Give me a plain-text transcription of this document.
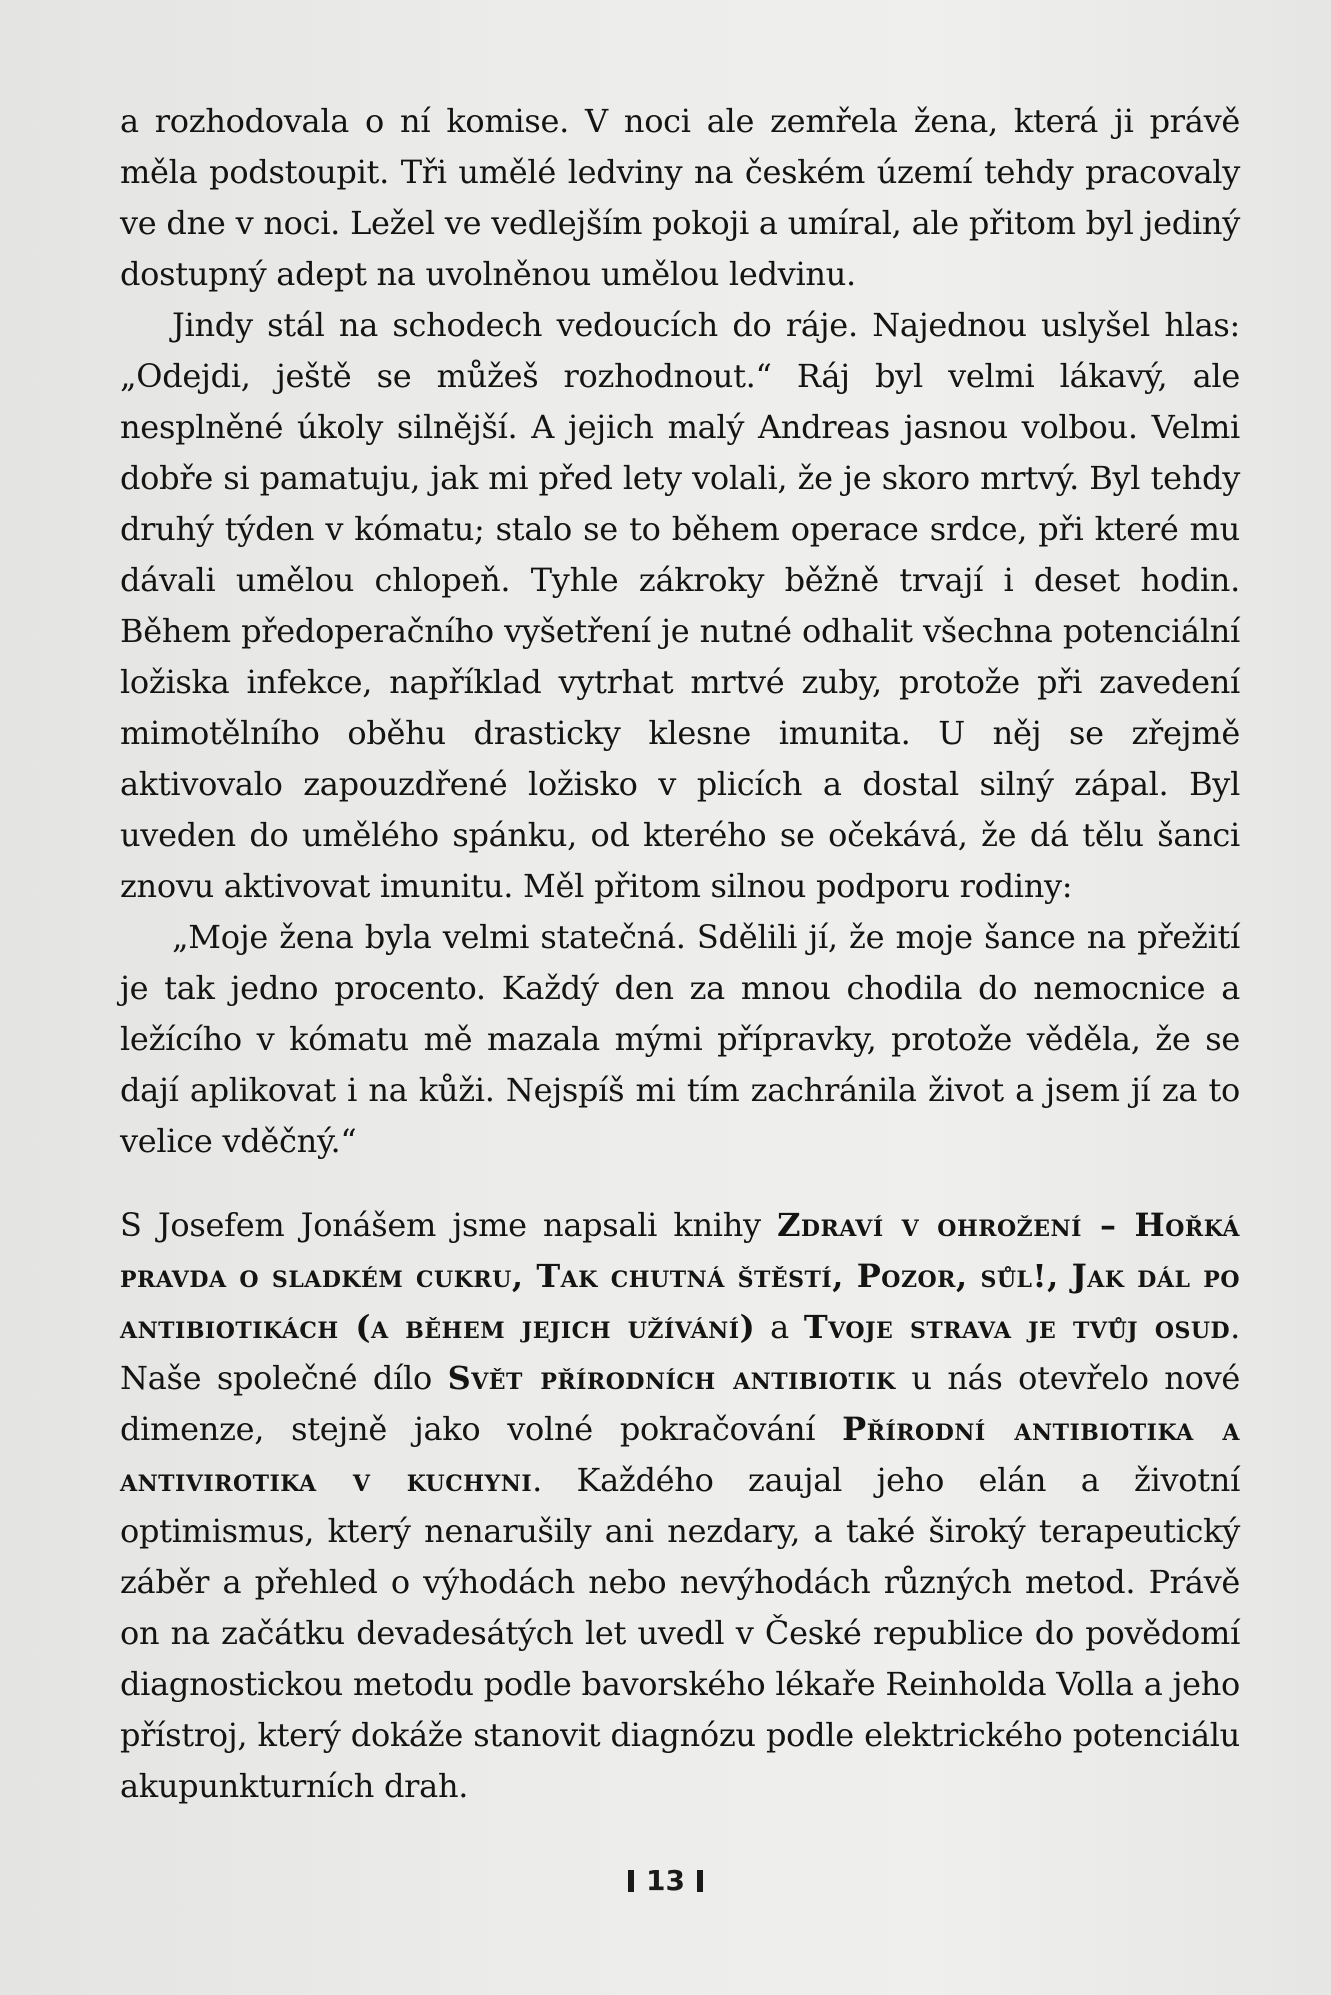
a rozhodovala o ní komise. V noci ale zemřela žena, která ji právě měla podstoupit. Tři umělé ledviny na českém území tehdy pracovaly ve dne v noci. Ležel ve vedlejším pokoji a umíral, ale přitom byl jediný dostupný adept na uvolněnou umělou ledvinu.

Jindy stál na schodech vedoucích do ráje. Najednou uslyšel hlas: „Odejdi, ještě se můžeš rozhodnout.“ Ráj byl velmi lákavý, ale nesplněné úkoly silnější. A jejich malý Andreas jasnou volbou. Velmi dobře si pamatuju, jak mi před lety volali, že je skoro mrtvý. Byl tehdy druhý týden v kómatu; stalo se to během operace srdce, při které mu dávali umělou chlopeň. Tyhle zákroky běžně trvají i deset hodin. Během předoperačního vyšetření je nutné odhalit všechna potenciální ložiska infekce, například vytrhat mrtvé zuby, protože při zavedení mimotělního oběhu drasticky klesne imunita. U něj se zřejmě aktivovalo zapouzdřené ložisko v plicích a dostal silný zápal. Byl uveden do umělého spánku, od kterého se očekává, že dá tělu šanci znovu aktivovat imunitu. Měl přitom silnou podporu rodiny:

„Moje žena byla velmi statečná. Sdělili jí, že moje šance na přežití je tak jedno procento. Každý den za mnou chodila do nemocnice a ležícího v kómatu mě mazala mými přípravky, protože věděla, že se dají aplikovat i na kůži. Nejspíš mi tím zachránila život a jsem jí za to velice vděčný.“

S Josefem Jonášem jsme napsali knihy Zdraví v ohrožení – Hořká pravda o sladkém cukru, Tak chutná štěstí, Pozor, sůl!, Jak dál po antibiotikách (a během jejich užívání) a Tvoje strava je tvůj osud. Naše společné dílo Svět přírodních antibiotik u nás otevřelo nové dimenze, stejně jako volné pokračování Přírodní antibiotika a antivirotika v kuchyni. Každého zaujal jeho elán a životní optimismus, který nenarušily ani nezdary, a také široký terapeutický záběr a přehled o výhodách nebo nevýhodách různých metod. Právě on na začátku devadesátých let uvedl v České republice do povědomí diagnostickou metodu podle bavorského lékaře Reinholda Volla a jeho přístroj, který dokáže stanovit diagnózu podle elektrického potenciálu akupunkturních drah.

13
